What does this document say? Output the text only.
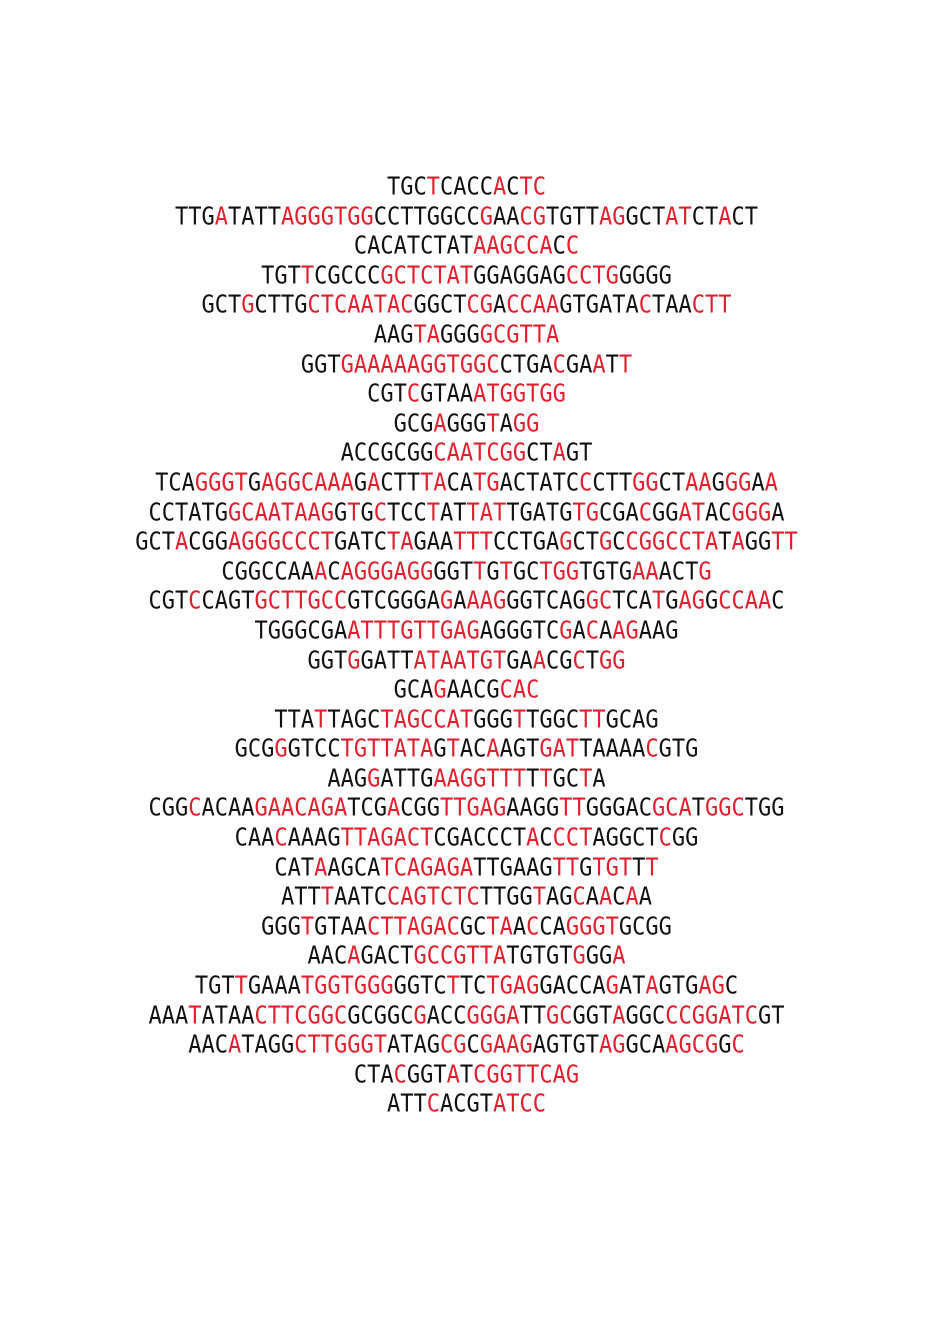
TGCTCACCACTC
TTGATATTAGGGTGGCCTTGGCCGAACGTGTTAGGCTATCTACT
CACATCTATAAGCCACC
TGTTCGCCCGCTCTATGGAGGAGCCTGGGGG
GCTGCTTGCTCAATACGGCTCGACCAAGTGATACTAACTT
AAGTAGGGGCGTTA
GGTGAAAAAGGTGGCCTGACGAATT
CGTCGTAAATGGTGG
GCGAGGGTAGG
ACCGCGGCAATCGGCTAGT
TCAGGGTGAGGCAAAGACTTTACATGACTATCCCTTGGCTAAGGGAA
CCTATGGCAATAAGGTGCTCCTATTATTGATGTGCGACGGATACGGGA
GCTACGGAGGGCCCTGATCTAGAATTTCCTGAGCTGCCGGCCTATAGGTT
CGGCCAAACAGGGAGGGGTTGTGCTGGTGTGAAACTG
CGTCCAGTGCTTGCCGTCGGGAGAAAGGGTCAGGCTCATGAGGCCAAC
TGGGCGAATTTGTTGAGAGGGTCGACAAGAAG
GGTGGATTATAATGTGAACGCTGG
GCAGAACGCAC
TTATTAGCTAGCCATGGGTTGGCTTGCAG
GCGGGTCCTGTTATAGTACAAGTGATTAAAACGTG
AAGGATTGAAGGTTTTTGCTA
CGGCACAAGAACAGATCGACGGTTGAGAAGGTTGGGACGCATGGCTGG
CAACAAAGTTAGACTCGACCCTACCCTAGGCTCGG
CATAAGCATCAGAGATTGAAGTTGTGTTT
ATTTAATCCAGTCTCTTGGTAGCAACAA
GGGTGTAACTTAGACGCTAACCAGGGTGCGG
AACAGACTGCCGTTATGTGTGGGA
TGTTGAAATGGTGGGGGTCTTCTGAGGACCAGATAGTGAGC
AAATATAACTTCGGCGCGGCGACCGGGATTGCGGTAGGCCCGGATCGT
AACATAGGCTTGGGTATAGCGCGAAGAGTGTAGGCAAGCGGC
CTACGGTATCGGTTCAG
ATTCACGTATCC
